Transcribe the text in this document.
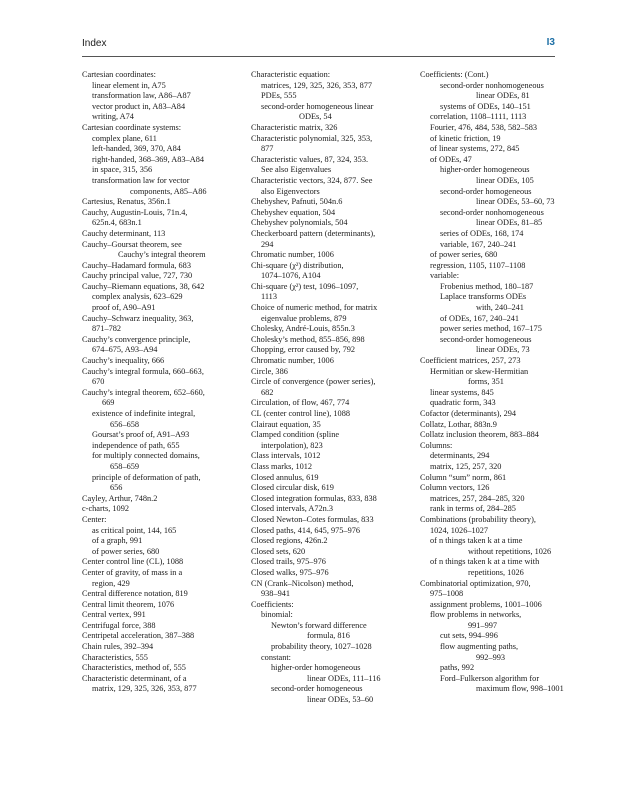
Index	I3
Cartesian coordinates:
linear element in, A75
transformation law, A86–A87
vector product in, A83–A84
writing, A74
Cartesian coordinate systems:
complex plane, 611
left-handed, 369, 370, A84
right-handed, 368–369, A83–A84
in space, 315, 356
transformation law for vector
components, A85–A86
Cartesius, Renatus, 356n.1
Cauchy, Augustin-Louis, 71n.4,
625n.4, 683n.1
Cauchy determinant, 113
Cauchy–Goursat theorem, see
Cauchy’s integral theorem
Cauchy–Hadamard formula, 683
Cauchy principal value, 727, 730
Cauchy–Riemann equations, 38, 642
complex analysis, 623–629
proof of, A90–A91
Cauchy–Schwarz inequality, 363,
871–782
Cauchy’s convergence principle,
674–675, A93–A94
Cauchy’s inequality, 666
Cauchy’s integral formula, 660–663,
670
Cauchy’s integral theorem, 652–660,
669
existence of indefinite integral,
656–658
Goursat’s proof of, A91–A93
independence of path, 655
for multiply connected domains,
658–659
principle of deformation of path,
656
Cayley, Arthur, 748n.2
c-charts, 1092
Center:
as critical point, 144, 165
of a graph, 991
of power series, 680
Center control line (CL), 1088
Center of gravity, of mass in a
region, 429
Central difference notation, 819
Central limit theorem, 1076
Central vertex, 991
Centrifugal force, 388
Centripetal acceleration, 387–388
Chain rules, 392–394
Characteristics, 555
Characteristics, method of, 555
Characteristic determinant, of a
matrix, 129, 325, 326, 353, 877
Characteristic equation:
matrices, 129, 325, 326, 353, 877
PDEs, 555
second-order homogeneous linear
ODEs, 54
Characteristic matrix, 326
Characteristic polynomial, 325, 353,
877
Characteristic values, 87, 324, 353.
See also Eigenvalues
Characteristic vectors, 324, 877. See
also Eigenvectors
Chebyshev, Pafnuti, 504n.6
Chebyshev equation, 504
Chebyshev polynomials, 504
Checkerboard pattern (determinants),
294
Chromatic number, 1006
Chi-square (χ²) distribution,
1074–1076, A104
Chi-square (χ²) test, 1096–1097,
1113
Choice of numeric method, for matrix
eigenvalue problems, 879
Cholesky, André-Louis, 855n.3
Cholesky’s method, 855–856, 898
Chopping, error caused by, 792
Chromatic number, 1006
Circle, 386
Circle of convergence (power series),
682
Circulation, of flow, 467, 774
CL (center control line), 1088
Clairaut equation, 35
Clamped condition (spline
interpolation), 823
Class intervals, 1012
Class marks, 1012
Closed annulus, 619
Closed circular disk, 619
Closed integration formulas, 833, 838
Closed intervals, A72n.3
Closed Newton–Cotes formulas, 833
Closed paths, 414, 645, 975–976
Closed regions, 426n.2
Closed sets, 620
Closed trails, 975–976
Closed walks, 975–976
CN (Crank–Nicolson) method,
938–941
Coefficients:
binomial:
Newton’s forward difference
formula, 816
probability theory, 1027–1028
constant:
higher-order homogeneous
linear ODEs, 111–116
second-order homogeneous
linear ODEs, 53–60
Coefficients: (Cont.)
second-order nonhomogeneous
linear ODEs, 81
systems of ODEs, 140–151
correlation, 1108–1111, 1113
Fourier, 476, 484, 538, 582–583
of kinetic friction, 19
of linear systems, 272, 845
of ODEs, 47
higher-order homogeneous
linear ODEs, 105
second-order homogeneous
linear ODEs, 53–60, 73
second-order nonhomogeneous
linear ODEs, 81–85
series of ODEs, 168, 174
variable, 167, 240–241
of power series, 680
regression, 1105, 1107–1108
variable:
Frobenius method, 180–187
Laplace transforms ODEs
with, 240–241
of ODEs, 167, 240–241
power series method, 167–175
second-order homogeneous
linear ODEs, 73
Coefficient matrices, 257, 273
Hermitian or skew-Hermitian
forms, 351
linear systems, 845
quadratic form, 343
Cofactor (determinants), 294
Collatz, Lothar, 883n.9
Collatz inclusion theorem, 883–884
Columns:
determinants, 294
matrix, 125, 257, 320
Column “sum” norm, 861
Column vectors, 126
matrices, 257, 284–285, 320
rank in terms of, 284–285
Combinations (probability theory),
1024, 1026–1027
of n things taken k at a time
without repetitions, 1026
of n things taken k at a time with
repetitions, 1026
Combinatorial optimization, 970,
975–1008
assignment problems, 1001–1006
flow problems in networks,
991–997
cut sets, 994–996
flow augmenting paths,
992–993
paths, 992
Ford–Fulkerson algorithm for
maximum flow, 998–1001
